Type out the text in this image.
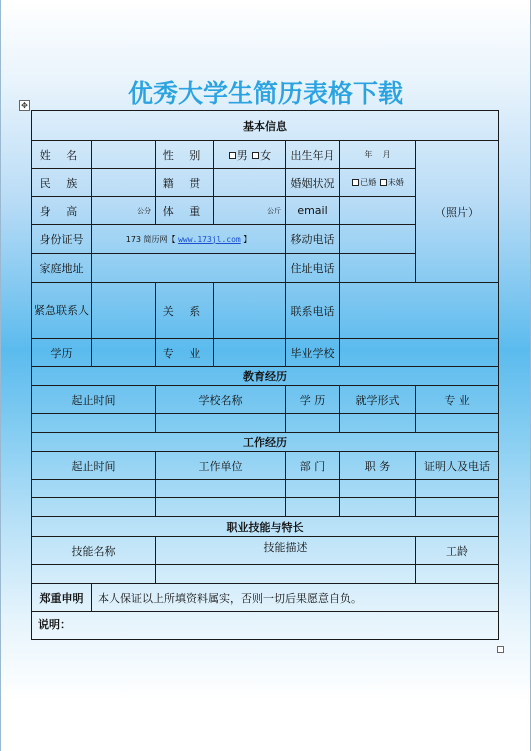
优秀大学生简历表格下载
✥
基本信息						
姓 名		性 别	男 女	出生年月	年 月	（照片）
民 族		籍 贯		婚姻状况	已婚 未婚	
身 高	公分	体 重	公斤	email		
身份证号	173 简历网【 www.173jl.com 】			移动电话		
家庭地址				住址电话		
紧急联系人		关 系		联系电话		
学历		专 业		毕业学校		
教育经历						
起止时间		学校名称		学 历	就学形式	专 业

工作经历						
起止时间		工作单位		部 门	职 务	证明人及电话

职业技能与特长						
技能名称		技能描述				工龄

郑重申明	本人保证以上所填资料属实，否则一切后果愿意自负。					
说明：						
